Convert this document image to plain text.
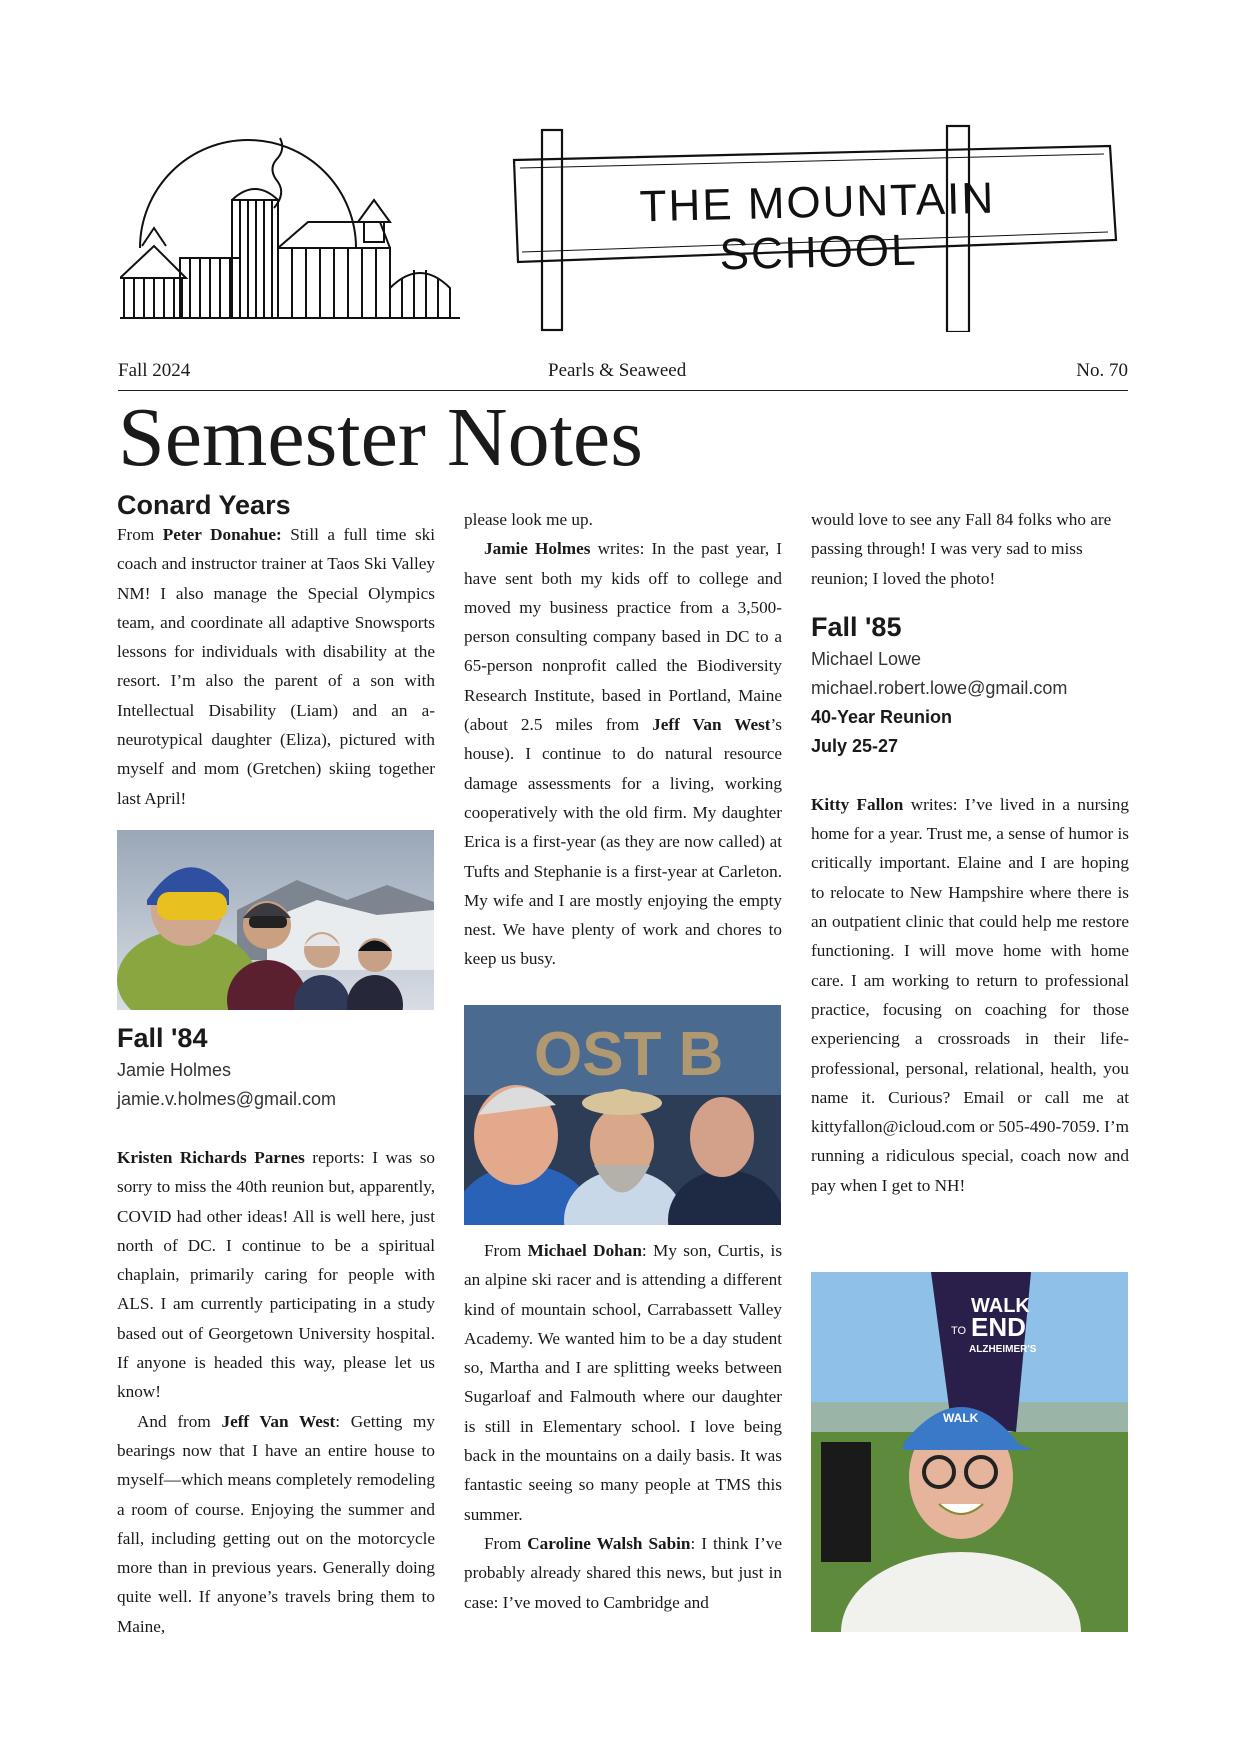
THE MOUNTAIN SCHOOL
Fall 2024	Pearls & Seaweed	No. 70
Semester Notes
Conard Years

From Peter Donahue: Still a full time ski coach and instructor trainer at Taos Ski Valley NM! I also manage the Special Olympics team, and coordinate all adaptive Snowsports lessons for individuals with disability at the resort. I’m also the parent of a son with Intellectual Disability (Liam) and an a-neurotypical daughter (Eliza), pictured with myself and mom (Gretchen) skiing together last April!

Fall '84
Jamie Holmes
jamie.v.holmes@gmail.com

Kristen Richards Parnes reports: I was so sorry to miss the 40th reunion but, apparently, COVID had other ideas! All is well here, just north of DC. I continue to be a spiritual chaplain, primarily caring for people with ALS. I am currently participating in a study based out of Georgetown University hospital. If anyone is headed this way, please let us know!

And from Jeff Van West: Getting my bearings now that I have an entire house to myself—which means completely remodeling a room of course. Enjoying the summer and fall, including getting out on the motorcycle more than in previous years. Generally doing quite well. If anyone’s travels bring them to Maine,

please look me up.

Jamie Holmes writes: In the past year, I have sent both my kids off to college and moved my business practice from a 3,500-person consulting company based in DC to a 65-person nonprofit called the Biodiversity Research Institute, based in Portland, Maine (about 2.5 miles from Jeff Van West’s house). I continue to do natural resource damage assessments for a living, working cooperatively with the old firm. My daughter Erica is a first-year (as they are now called) at Tufts and Stephanie is a first-year at Carleton. My wife and I are mostly enjoying the empty nest. We have plenty of work and chores to keep us busy.

OST B

From Michael Dohan: My son, Curtis, is an alpine ski racer and is attending a different kind of mountain school, Carrabassett Valley Academy. We wanted him to be a day student so, Martha and I are splitting weeks between Sugarloaf and Falmouth where our daughter is still in Elementary school. I love being back in the mountains on a daily basis. It was fantastic seeing so many people at TMS this summer.

From Caroline Walsh Sabin: I think I’ve probably already shared this news, but just in case: I’ve moved to Cambridge and

would love to see any Fall 84 folks who are passing through! I was very sad to miss reunion; I loved the photo!

Fall '85
Michael Lowe
michael.robert.lowe@gmail.com
40-Year Reunion
July 25-27

Kitty Fallon writes: I’ve lived in a nursing home for a year. Trust me, a sense of humor is critically important. Elaine and I are hoping to relocate to New Hampshire where there is an outpatient clinic that could help me restore functioning. I will move home with home care. I am working to return to professional practice, focusing on coaching for those experiencing a crossroads in their life-professional, personal, relational, health, you name it. Curious? Email or call me at kittyfallon@icloud.com or 505-490-7059. I’m running a ridiculous special, coach now and pay when I get to NH!

WALK
TO END
ALZHEIMER'S
WALK
